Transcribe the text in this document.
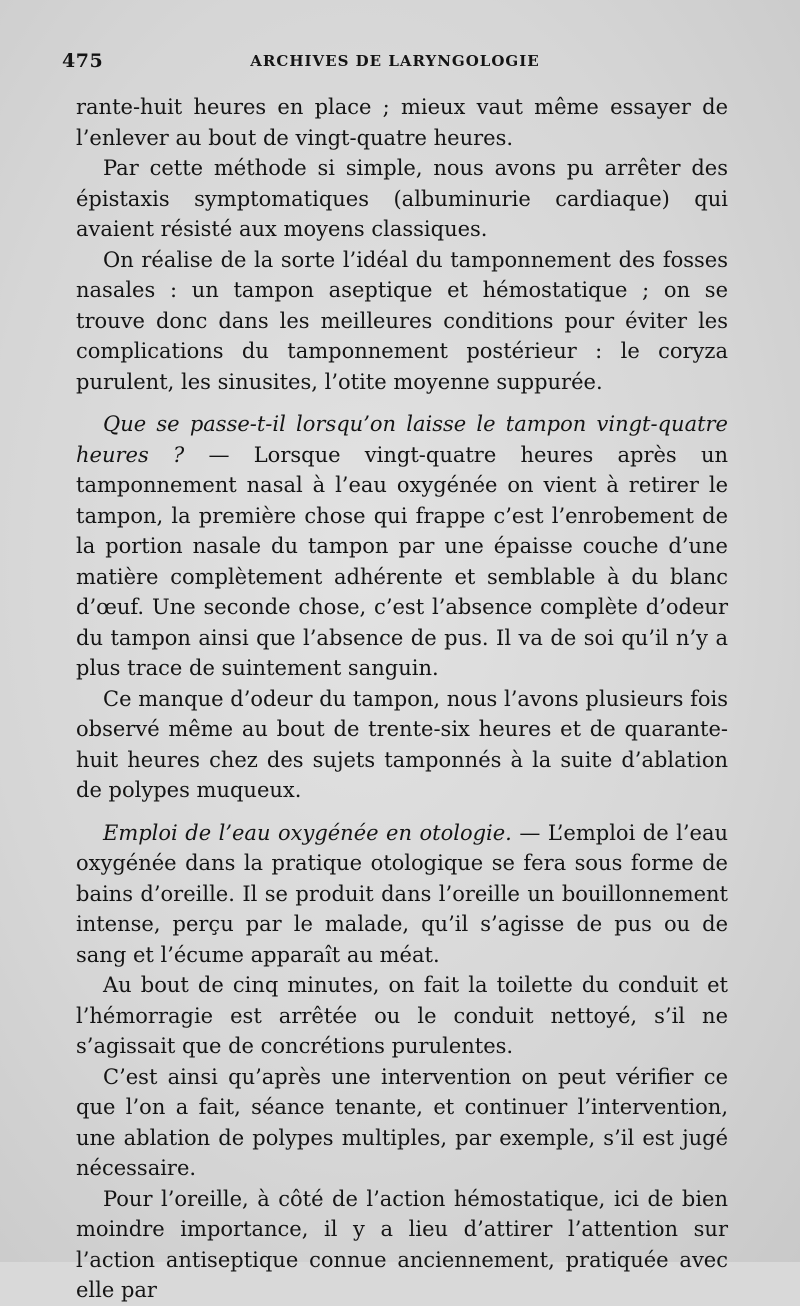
475	ARCHIVES DE LARYNGOLOGIE

rante-huit heures en place ; mieux vaut même essayer de l’enlever au bout de vingt-quatre heures.

Par cette méthode si simple, nous avons pu arrêter des épistaxis symptomatiques (albuminurie cardiaque) qui avaient résisté aux moyens classiques.

On réalise de la sorte l’idéal du tamponnement des fosses nasales : un tampon aseptique et hémostatique ; on se trouve donc dans les meilleures conditions pour éviter les complications du tamponnement postérieur : le coryza purulent, les sinusites, l’otite moyenne suppurée.

Que se passe-t-il lorsqu’on laisse le tampon vingt-quatre heures ? — Lorsque vingt-quatre heures après un tamponnement nasal à l’eau oxygénée on vient à retirer le tampon, la première chose qui frappe c’est l’enrobement de la portion nasale du tampon par une épaisse couche d’une matière complètement adhérente et semblable à du blanc d’œuf. Une seconde chose, c’est l’absence complète d’odeur du tampon ainsi que l’absence de pus. Il va de soi qu’il n’y a plus trace de suintement sanguin.

Ce manque d’odeur du tampon, nous l’avons plusieurs fois observé même au bout de trente-six heures et de quarante-huit heures chez des sujets tamponnés à la suite d’ablation de polypes muqueux.

Emploi de l’eau oxygénée en otologie. — L’emploi de l’eau oxygénée dans la pratique otologique se fera sous forme de bains d’oreille. Il se produit dans l’oreille un bouillonnement intense, perçu par le malade, qu’il s’agisse de pus ou de sang et l’écume apparaît au méat.

Au bout de cinq minutes, on fait la toilette du conduit et l’hémorragie est arrêtée ou le conduit nettoyé, s’il ne s’agissait que de concrétions purulentes.

C’est ainsi qu’après une intervention on peut vérifier ce que l’on a fait, séance tenante, et continuer l’intervention, une ablation de polypes multiples, par exemple, s’il est jugé nécessaire.

Pour l’oreille, à côté de l’action hémostatique, ici de bien moindre importance, il y a lieu d’attirer l’attention sur l’action antiseptique connue anciennement, pratiquée avec elle par
